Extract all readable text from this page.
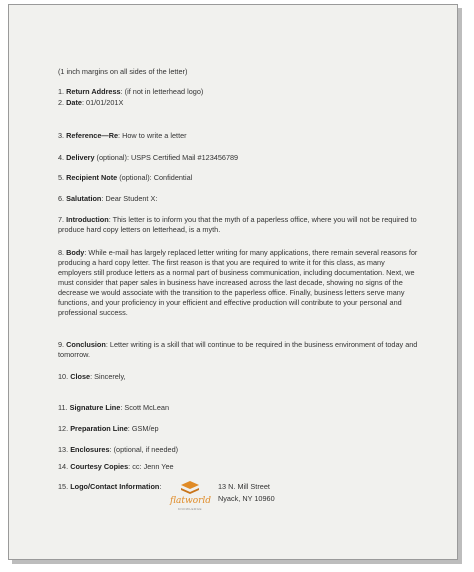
(1 inch margins on all sides of the letter)
1. Return Address: (if not in letterhead logo)
2. Date: 01/01/201X
3. Reference—Re: How to write a letter
4. Delivery (optional): USPS Certified Mail #123456789
5. Recipient Note (optional): Confidential
6. Salutation: Dear Student X:
7. Introduction: This letter is to inform you that the myth of a paperless office, where you will not be required to produce hard copy letters on letterhead, is a myth.
8. Body: While e-mail has largely replaced letter writing for many applications, there remain several reasons for producing a hard copy letter. The first reason is that you are required to write it for this class, as many employers still produce letters as a normal part of business communication, including documentation. Next, we must consider that paper sales in business have increased across the last decade, showing no signs of the decrease we would associate with the transition to the paperless office. Finally, business letters serve many functions, and your proficiency in your efficient and effective production will contribute to your personal and professional success.
9. Conclusion: Letter writing is a skill that will continue to be required in the business environment of today and tomorrow.
10. Close: Sincerely,
11. Signature Line: Scott McLean
12. Preparation Line: GSM/ep
13. Enclosures: (optional, if needed)
14. Courtesy Copies: cc: Jenn Yee
15. Logo/Contact Information:
flatworld
KNOWLEDGE
13 N. Mill Street
Nyack, NY 10960
